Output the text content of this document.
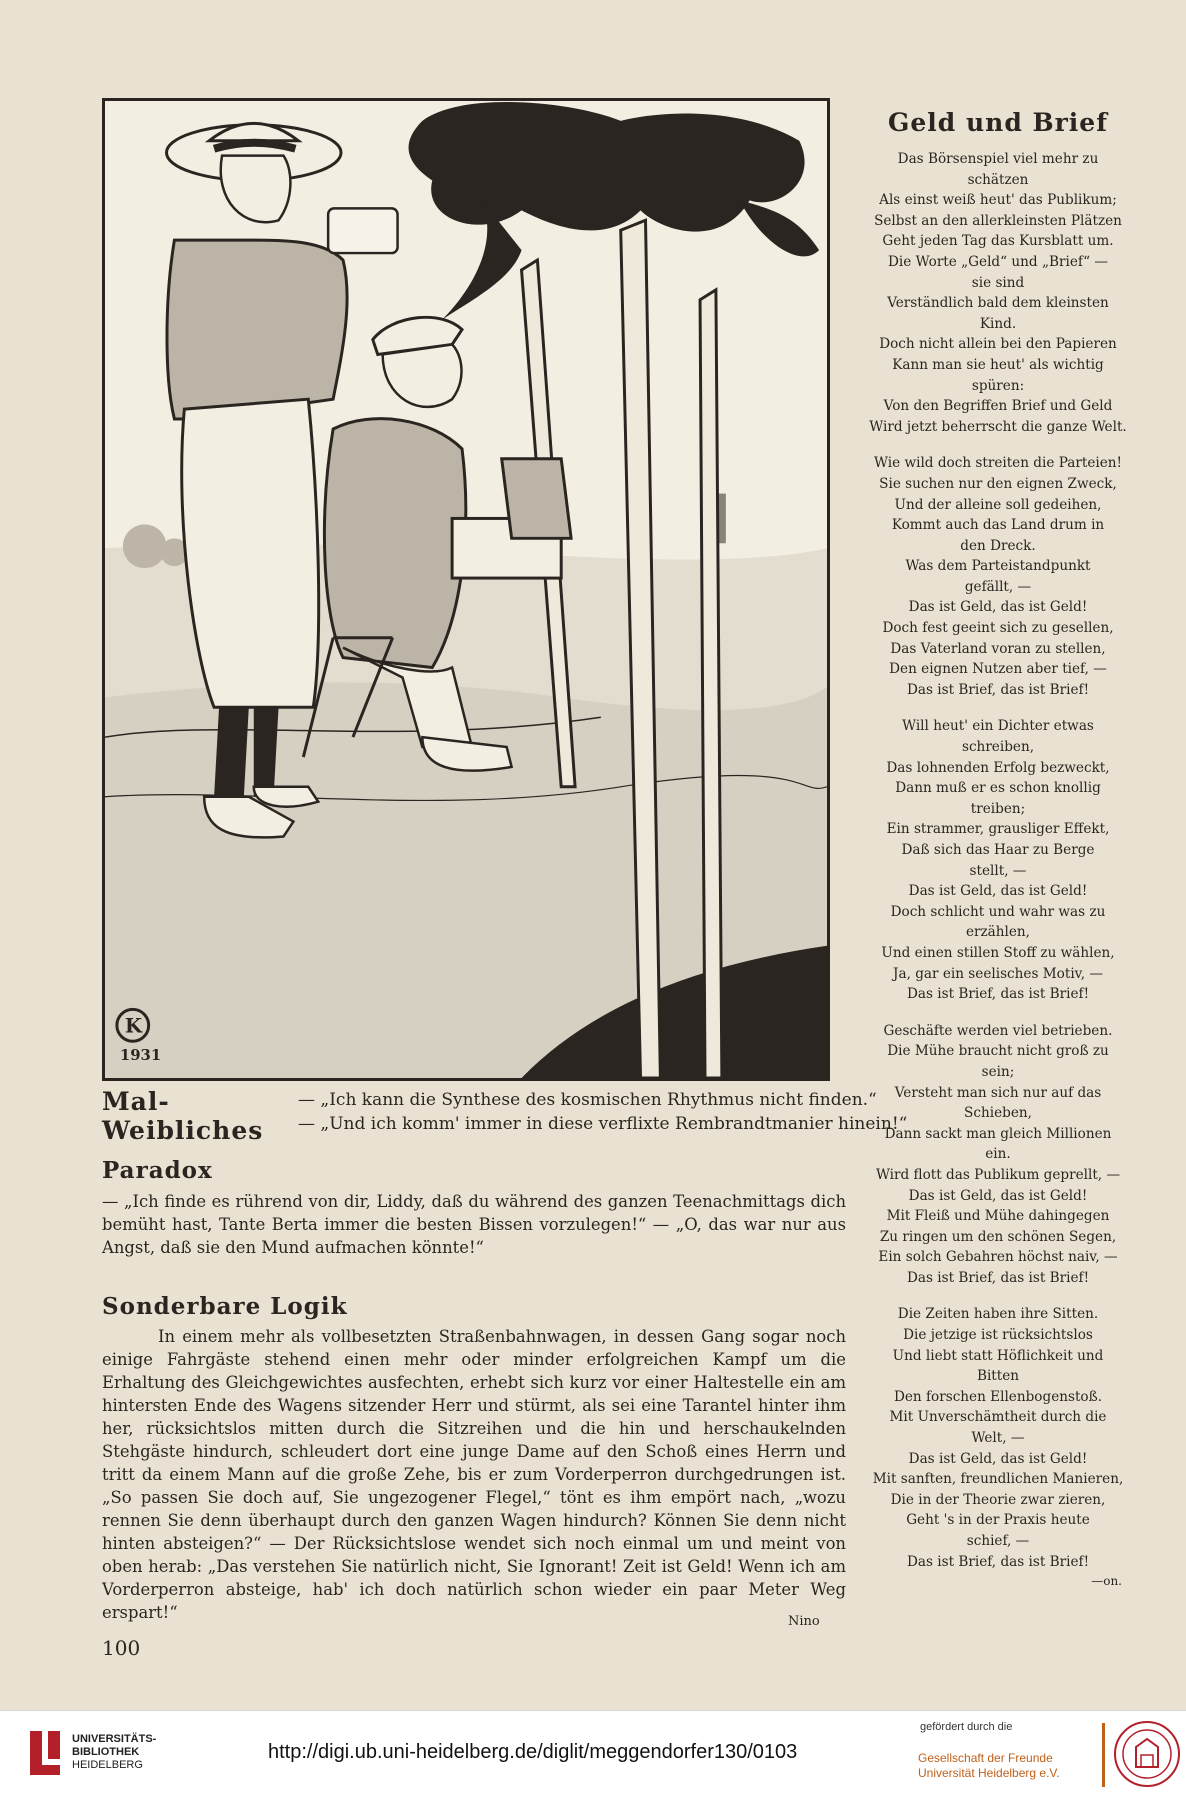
K
1931
Mal-Weibliches
— „Ich kann die Synthese des kosmischen Rhythmus nicht finden.“
— „Und ich komm' immer in diese verflixte Rembrandtmanier hinein!“
Paradox

— „Ich finde es rührend von dir, Liddy, daß du während des ganzen Teenachmittags dich bemüht hast, Tante Berta immer die besten Bissen vorzulegen!“ — „O, das war nur aus Angst, daß sie den Mund aufmachen könnte!“

Sonderbare Logik

In einem mehr als vollbesetzten Straßenbahnwagen, in dessen Gang sogar noch einige Fahrgäste stehend einen mehr oder minder erfolgreichen Kampf um die Erhaltung des Gleichgewichtes ausfechten, erhebt sich kurz vor einer Haltestelle ein am hintersten Ende des Wagens sitzender Herr und stürmt, als sei eine Tarantel hinter ihm her, rücksichtslos mitten durch die Sitzreihen und die hin und herschaukelnden Stehgäste hindurch, schleudert dort eine junge Dame auf den Schoß eines Herrn und tritt da einem Mann auf die große Zehe, bis er zum Vorderperron durchgedrungen ist. „So passen Sie doch auf, Sie ungezogener Flegel,“ tönt es ihm empört nach, „wozu rennen Sie denn überhaupt durch den ganzen Wagen hindurch? Können Sie denn nicht hinten absteigen?“ — Der Rücksichtslose wendet sich noch einmal um und meint von oben herab: „Das verstehen Sie natürlich nicht, Sie Ignorant! Zeit ist Geld! Wenn ich am Vorderperron absteige, hab' ich doch natürlich schon wieder ein paar Meter Weg erspart!“	Nino
100
Geld und Brief
Das Börsenspiel viel mehr zu
schätzen
Als einst weiß heut' das Publikum;
Selbst an den allerkleinsten Plätzen
Geht jeden Tag das Kursblatt um.
Die Worte „Geld“ und „Brief“ —
sie sind
Verständlich bald dem kleinsten
Kind.
Doch nicht allein bei den Papieren
Kann man sie heut' als wichtig
spüren:
Von den Begriffen Brief und Geld
Wird jetzt beherrscht die ganze Welt.
Wie wild doch streiten die Parteien!
Sie suchen nur den eignen Zweck,
Und der alleine soll gedeihen,
Kommt auch das Land drum in
den Dreck.
Was dem Parteistandpunkt
gefällt, —
Das ist Geld, das ist Geld!
Doch fest geeint sich zu gesellen,
Das Vaterland voran zu stellen,
Den eignen Nutzen aber tief, —
Das ist Brief, das ist Brief!
Will heut' ein Dichter etwas
schreiben,
Das lohnenden Erfolg bezweckt,
Dann muß er es schon knollig
treiben;
Ein strammer, grausliger Effekt,
Daß sich das Haar zu Berge
stellt, —
Das ist Geld, das ist Geld!
Doch schlicht und wahr was zu
erzählen,
Und einen stillen Stoff zu wählen,
Ja, gar ein seelisches Motiv, —
Das ist Brief, das ist Brief!
Geschäfte werden viel betrieben.
Die Mühe braucht nicht groß zu
sein;
Versteht man sich nur auf das
Schieben,
Dann sackt man gleich Millionen
ein.
Wird flott das Publikum geprellt, —
Das ist Geld, das ist Geld!
Mit Fleiß und Mühe dahingegen
Zu ringen um den schönen Segen,
Ein solch Gebahren höchst naiv, —
Das ist Brief, das ist Brief!
Die Zeiten haben ihre Sitten.
Die jetzige ist rücksichtslos
Und liebt statt Höflichkeit und
Bitten
Den forschen Ellenbogenstoß.
Mit Unverschämtheit durch die
Welt, —
Das ist Geld, das ist Geld!
Mit sanften, freundlichen Manieren,
Die in der Theorie zwar zieren,
Geht 's in der Praxis heute
schief, —
Das ist Brief, das ist Brief!
—on.
UNIVERSITÄTS-
BIBLIOTHEK
HEIDELBERG
http://digi.ub.uni-heidelberg.de/diglit/meggendorfer130/0103
gefördert durch die
Gesellschaft der Freunde
Universität Heidelberg e.V.
